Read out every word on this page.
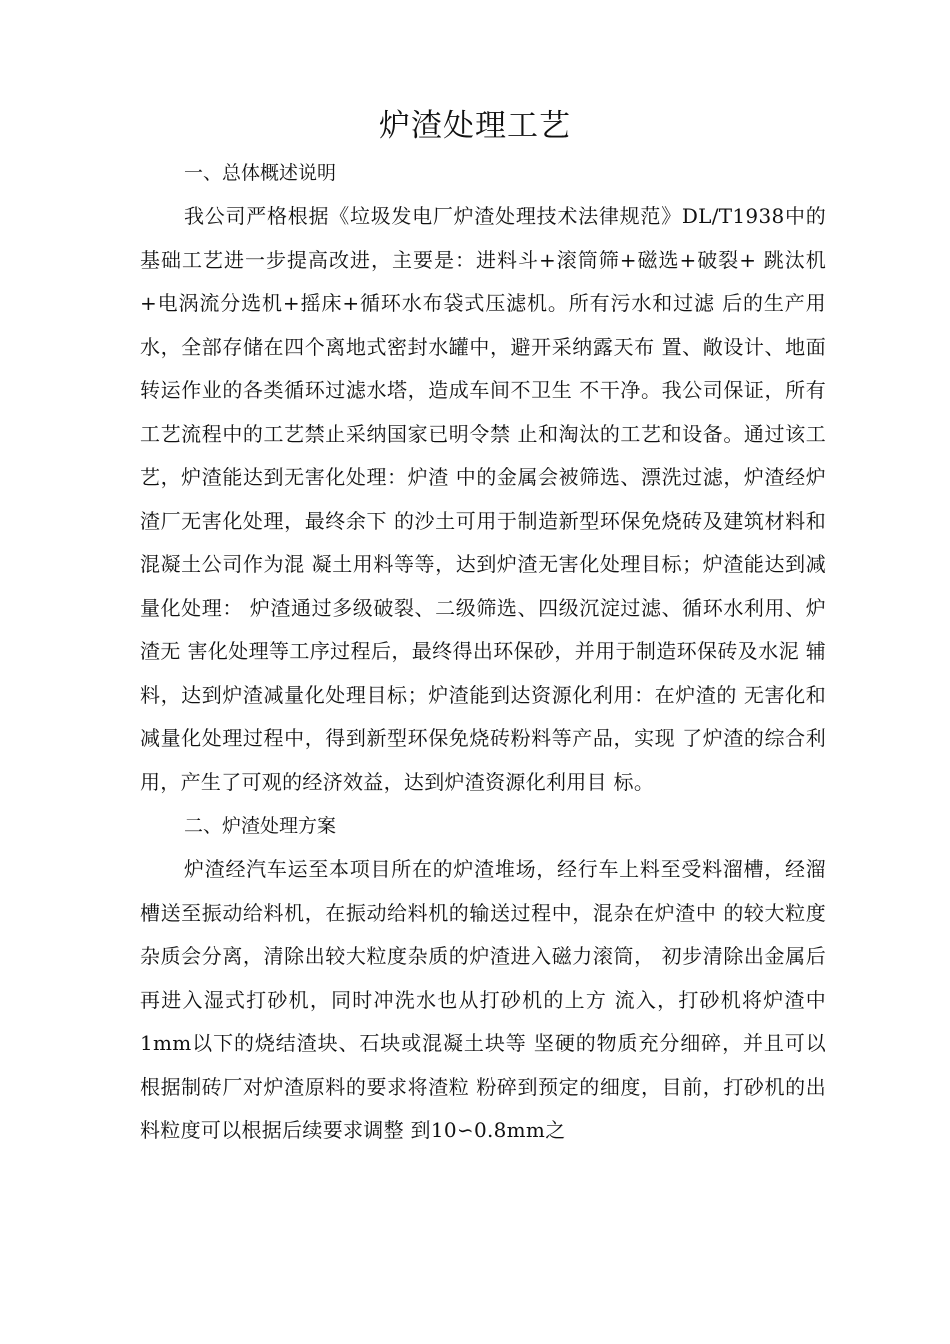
炉渣处理工艺
一、总体概述说明

我公司严格根据《垃圾发电厂炉渣处理技术法律规范》DL/T1938中的基础工艺进一步提高改进，主要是：进料斗+滚筒筛+磁选+破裂+ 跳汰机+电涡流分选机+摇床+循环水布袋式压滤机。所有污水和过滤 后的生产用水，全部存储在四个离地式密封水罐中，避开采纳露天布 置、敞设计、地面转运作业的各类循环过滤水塔，造成车间不卫生 不干净。我公司保证，所有工艺流程中的工艺禁止采纳国家已明令禁 止和淘汰的工艺和设备。通过该工艺，炉渣能达到无害化处理：炉渣 中的金属会被筛选、漂洗过滤，炉渣经炉渣厂无害化处理，最终余下 的沙土可用于制造新型环保免烧砖及建筑材料和混凝土公司作为混 凝土用料等等，达到炉渣无害化处理目标；炉渣能达到减量化处理： 炉渣通过多级破裂、二级筛选、四级沉淀过滤、循环水利用、炉渣无 害化处理等工序过程后，最终得出环保砂，并用于制造环保砖及水泥 辅料，达到炉渣减量化处理目标；炉渣能到达资源化利用：在炉渣的 无害化和减量化处理过程中，得到新型环保免烧砖粉料等产品，实现 了炉渣的综合利用，产生了可观的经济效益，达到炉渣资源化利用目 标。

二、炉渣处理方案

炉渣经汽车运至本项目所在的炉渣堆场，经行车上料至受料溜槽，经溜槽送至振动给料机，在振动给料机的输送过程中，混杂在炉渣中 的较大粒度杂质会分离，清除出较大粒度杂质的炉渣进入磁力滚筒， 初步清除出金属后再进入湿式打砂机，同时冲洗水也从打砂机的上方 流入，打砂机将炉渣中1mm以下的烧结渣块、石块或混凝土块等 坚硬的物质充分细碎，并且可以根据制砖厂对炉渣原料的要求将渣粒 粉碎到预定的细度，目前，打砂机的出料粒度可以根据后续要求调整 到10∽0.8mm之
